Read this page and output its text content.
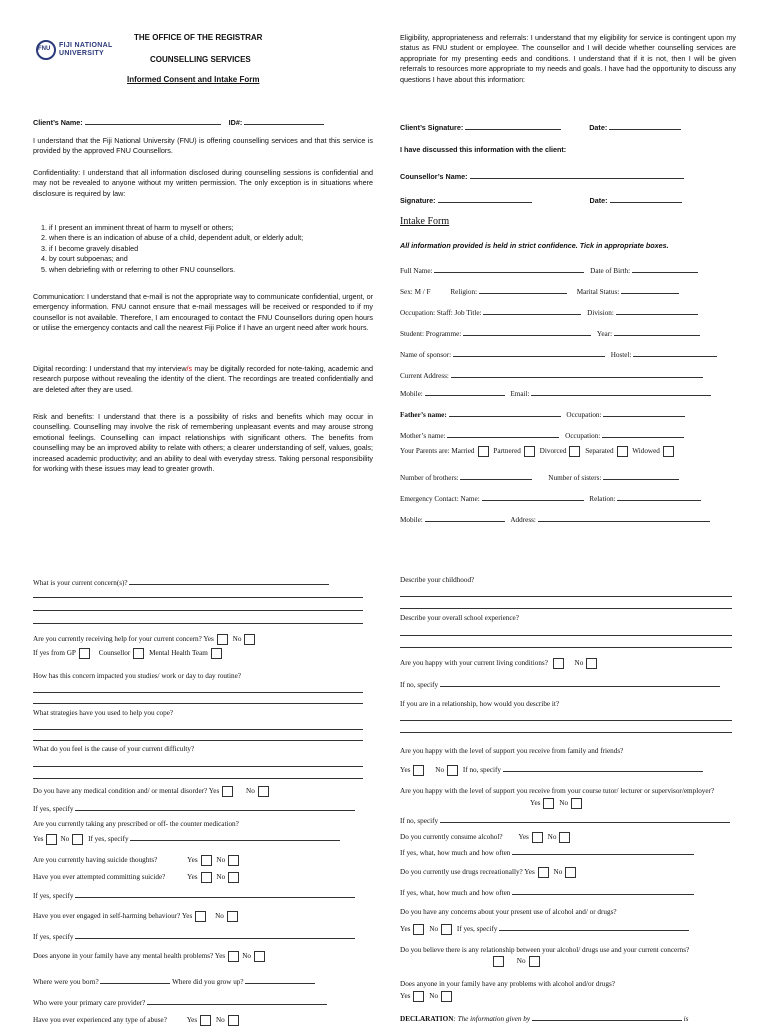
FNU FIJI NATIONAL
UNIVERSITY
THE OFFICE OF THE REGISTRAR
COUNSELLING SERVICES
Informed Consent and Intake Form
Client’s Name:	ID#:
I understand that the Fiji National University (FNU) is offering counselling services and that this service is provided by the approved FNU Counsellors.
Confidentiality: I understand that all information disclosed during counselling sessions is confidential and may not be revealed to anyone without my written permission. The only exception is in situations where disclosure is required by law:
1. if I present an imminent threat of harm to myself or others;
2. when there is an indication of abuse of a child, dependent adult, or elderly adult;
3. if I become gravely disabled
4. by court subpoenas; and
5. when debriefing with or referring to other FNU counsellors.
Communication: I understand that e-mail is not the appropriate way to communicate confidential, urgent, or emergency information. FNU cannot ensure that e-mail messages will be received or responded to if my counsellor is not available. Therefore, I am encouraged to contact the FNU Counsellors during open hours or utilise the emergency contacts and call the nearest Fiji Police if I have an urgent need after work hours.
Digital recording: I understand that my interview/s may be digitally recorded for note-taking, academic and research purpose without revealing the identity of the client. The recordings are treated confidentially and are deleted after they are used.
Risk and benefits: I understand that there is a possibility of risks and benefits which may occur in counselling. Counselling may involve the risk of remembering unpleasant events and may arouse strong emotional feelings. Counselling can impact relationships with significant others. The benefits from counselling may be an improved ability to relate with others; a clearer understanding of self, values, goals; increased academic productivity; and an ability to deal with everyday stress. Taking personal responsibility for working with these issues may lead to greater growth.
Eligibility, appropriateness and referrals: I understand that my eligibility for service is contingent upon my status as FNU student or employee. The counsellor and I will decide whether counselling services are appropriate for my presenting eeds and conditions. I understand that if it is not, then I will be given referrals to resources more appropriate to my needs and goals. I have had the opportunity to discuss any questions I have about this information:
Client’s Signature:	Date:
I have discussed this information with the client:
Counsellor’s Name:
Signature:	Date:
Intake Form
All information provided is held in strict confidence. Tick in appropriate boxes.
Full Name:	Date of Birth:
Sex: M / F	Religion:	Marital Status:
Occupation: Staff: Job Title:	Division:
Student: Programme:	Year:
Name of sponsor:	Hostel:
Current Address:
Mobile:	Email:
Father’s name:	Occupation:
Mother’s name:	Occupation:
Your Parents are: Married	Partnered	Divorced	Separated	Widowed
Number of brothers:	Number of sisters:
Emergency Contact: Name:	Relation:
Mobile:	Address:
What is your current concern(s)?
Are you currently receiving help for your current concern? Yes	No
If yes from GP	Counsellor	Mental Health Team
How has this concern impacted you studies/ work or day to day routine?
What strategies have you used to help you cope?
What do you feel is the cause of your current difficulty?
Do you have any medical condition and/ or mental disorder? Yes	No
If yes, specify
Are you currently taking any prescribed or off- the counter medication?
Yes No	If yes, specify
Are you currently having suicide thoughts?	Yes	No
Have you ever attempted committing suicide?	Yes	No
If yes, specify
Have you ever engaged in self-harming behaviour? Yes	No
If yes, specify
Does anyone in your family have any mental health problems? Yes No
Where were you born?	Where did you grow up?
Who were your primary care provider?
Have you ever experienced any type of abuse?	Yes	No
Describe your childhood?
Describe your overall school experience?
Are you happy with your current living conditions?	No
If no, specify
If you are in a relationship, how would you describe it?
Are you happy with the level of support you receive from family and friends?
Yes	No	If no, specify
Are you happy with the level of support you receive from your course tutor/ lecturer or supervisor/employer?
Yes	No
If no, specify
Do you currently consume alcohol? Yes	No
If yes, what, how much and how often
Do you currently use drugs recreationally? Yes	No
If yes, what, how much and how often
Do you have any concerns about your present use of alcohol and/ or drugs?
Yes	No	If yes, specify
Do you believe there is any relationship between your alcohol/ drugs use and your current concerns?
No
Does anyone in your family have any problems with alcohol and/or drugs?
Yes	No
DECLARATION: The information given by	is
